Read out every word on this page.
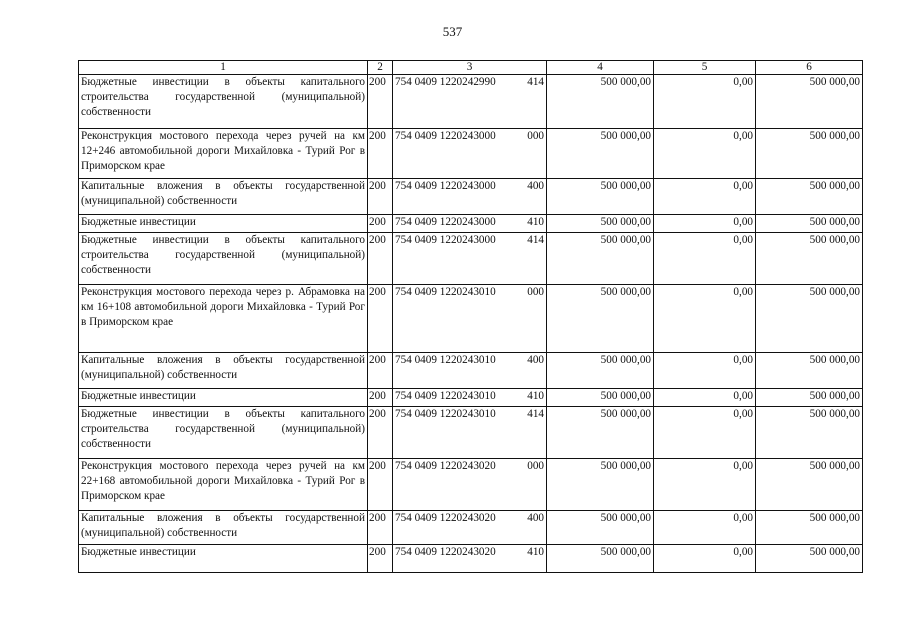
537
1	2	3	4	5	6
Бюджетные инвестиции в объекты капитального строительства государственной (муниципальной) собственности	200	754 0409 1220242990 414	500 000,00	0,00	500 000,00
Реконструкция мостового перехода через ручей на км 12+246 автомобильной дороги Михайловка - Турий Рог в Приморском крае	200	754 0409 1220243000 000	500 000,00	0,00	500 000,00
Капитальные вложения в объекты государственной (муниципальной) собственности	200	754 0409 1220243000 400	500 000,00	0,00	500 000,00
Бюджетные инвестиции	200	754 0409 1220243000 410	500 000,00	0,00	500 000,00
Бюджетные инвестиции в объекты капитального строительства государственной (муниципальной) собственности	200	754 0409 1220243000 414	500 000,00	0,00	500 000,00
Реконструкция мостового перехода через р. Абрамовка на км 16+108 автомобильной дороги Михайловка - Турий Рог в Приморском крае	200	754 0409 1220243010 000	500 000,00	0,00	500 000,00
Капитальные вложения в объекты государственной (муниципальной) собственности	200	754 0409 1220243010 400	500 000,00	0,00	500 000,00
Бюджетные инвестиции	200	754 0409 1220243010 410	500 000,00	0,00	500 000,00
Бюджетные инвестиции в объекты капитального строительства государственной (муниципальной) собственности	200	754 0409 1220243010 414	500 000,00	0,00	500 000,00
Реконструкция мостового перехода через ручей на км 22+168 автомобильной дороги Михайловка - Турий Рог в Приморском крае	200	754 0409 1220243020 000	500 000,00	0,00	500 000,00
Капитальные вложения в объекты государственной (муниципальной) собственности	200	754 0409 1220243020 400	500 000,00	0,00	500 000,00
Бюджетные инвестиции	200	754 0409 1220243020 410	500 000,00	0,00	500 000,00
